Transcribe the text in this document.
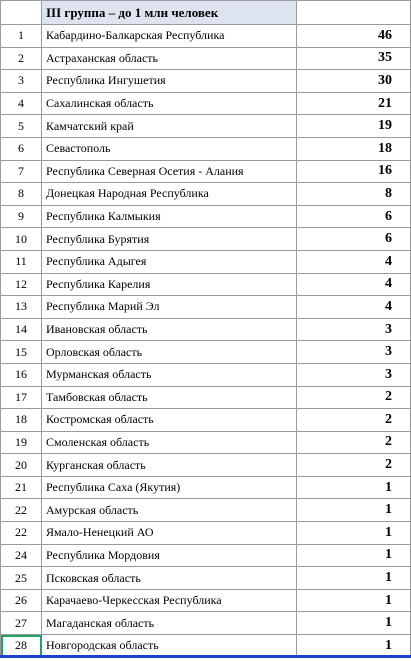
	III группа – до 1 млн человек	
1	Кабардино-Балкарская Республика	46
2	Астраханская область	35
3	Республика Ингушетия	30
4	Сахалинская область	21
5	Камчатский край	19
6	Севастополь	18
7	Республика Северная Осетия - Алания	16
8	Донецкая Народная Республика	8
9	Республика Калмыкия	6
10	Республика Бурятия	6
11	Республика Адыгея	4
12	Республика Карелия	4
13	Республика Марий Эл	4
14	Ивановская область	3
15	Орловская область	3
16	Мурманская область	3
17	Тамбовская область	2
18	Костромская область	2
19	Смоленская область	2
20	Курганская область	2
21	Республика Саха (Якутия)	1
22	Амурская область	1
22	Ямало-Ненецкий АО	1
24	Республика Мордовия	1
25	Псковская область	1
26	Карачаево-Черкесская Республика	1
27	Магаданская область	1
28	Новгородская область	1
